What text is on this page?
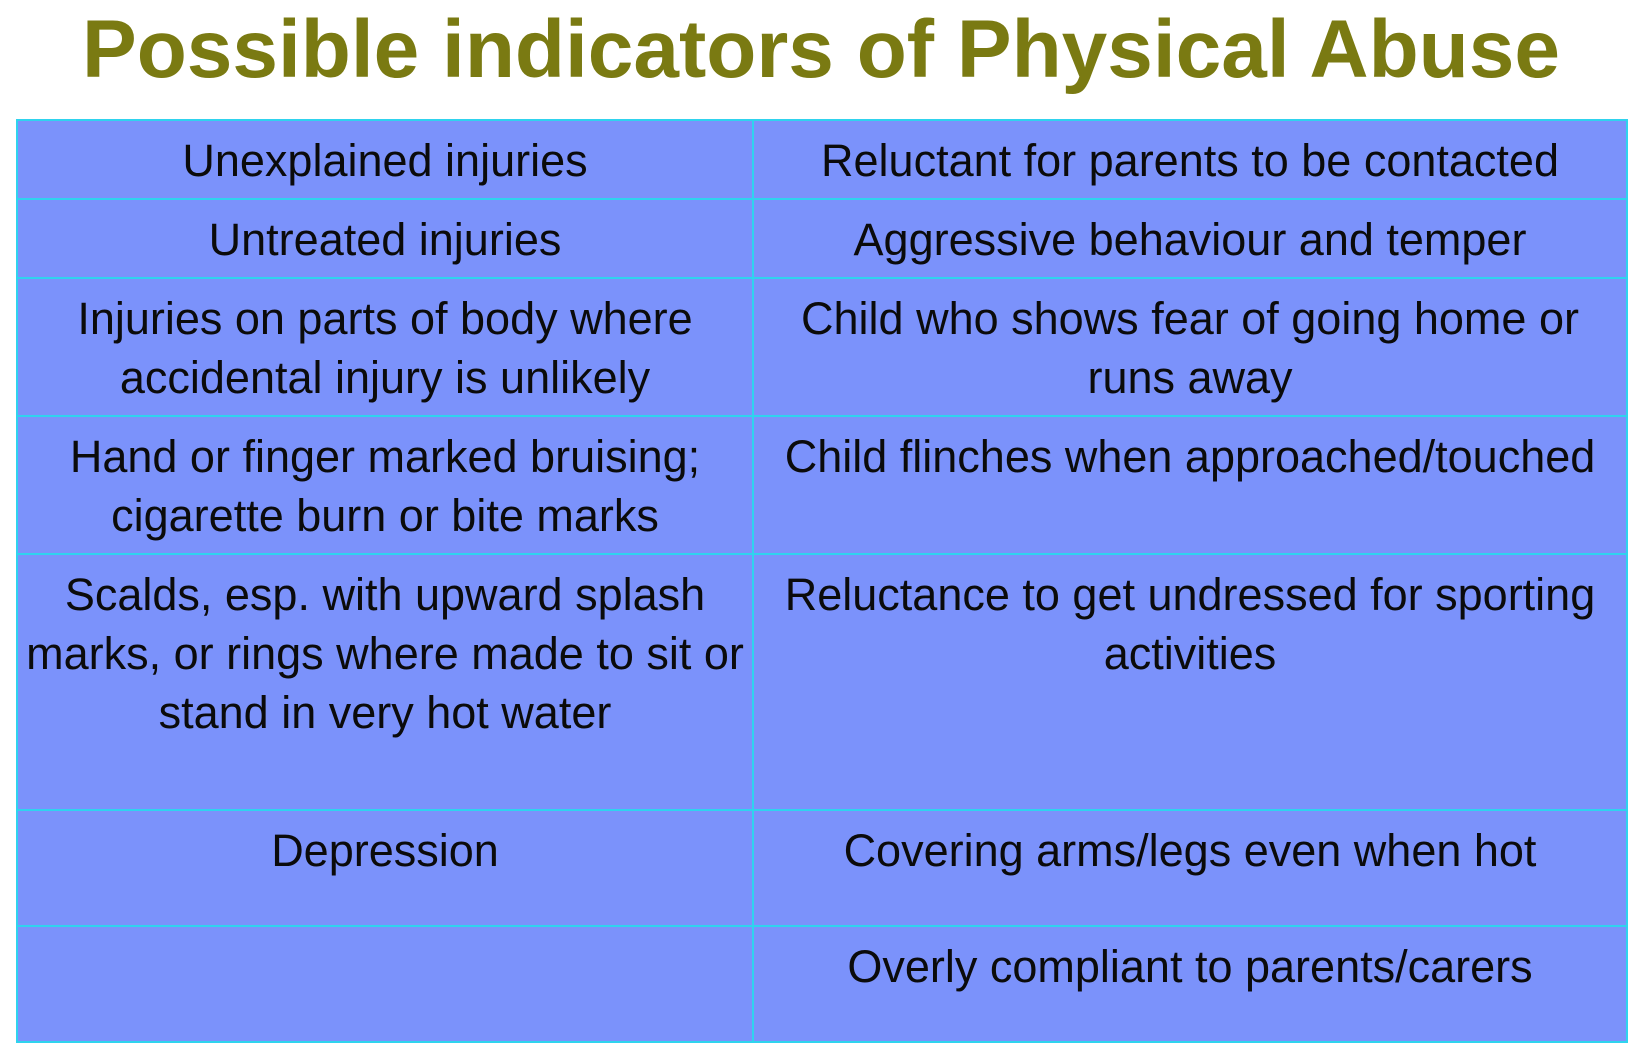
Possible indicators of Physical Abuse
Unexplained injuries	Reluctant for parents to be contacted
Untreated injuries	Aggressive behaviour and temper
Injuries on parts of body where accidental injury is unlikely	Child who shows fear of going home or runs away
Hand or finger marked bruising; cigarette burn or bite marks	Child flinches when approached/touched
Scalds, esp. with upward splash marks, or rings where made to sit or stand in very hot water	Reluctance to get undressed for sporting activities
Depression	Covering arms/legs even when hot
	Overly compliant to parents/carers
